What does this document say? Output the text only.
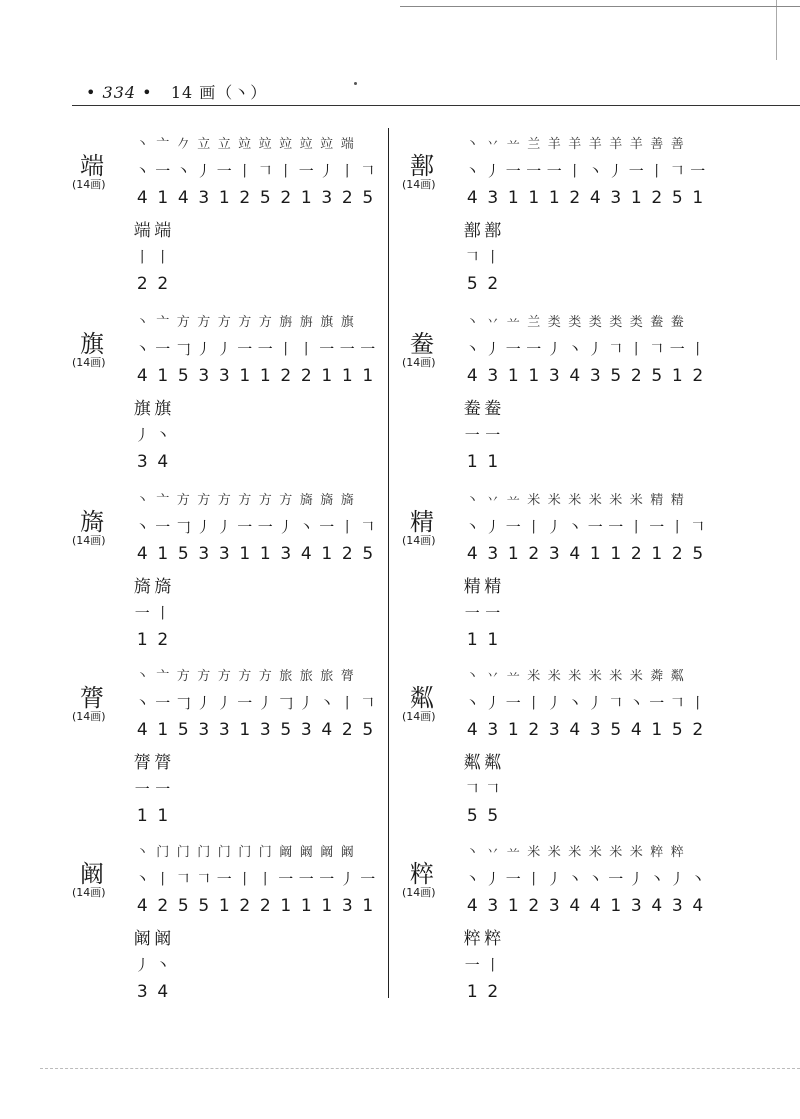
• 334 • 14 画（丶）
端
(14画)
丶 亠 𠂊 立 立 竝 竝 竝 竝 竝 端
丶 一 丶 丿 一 丨 𠃍 丨 一 丿 丨 𠃍
4 1 4 3 1 2 5 2 1 3 2 5
端 端
丨 丨
2 2
旗
(14画)
丶 亠 方 方 方 方 方 旃 旃 旗 旗
丶 一 𠃌 丿 丿 一 一 丨 丨 一 一 一
4 1 5 3 3 1 1 2 2 1 1 1
旗 旗
丿 丶
3 4
旖
(14画)
丶 亠 方 方 方 方 方 方 旖 旖 旖
丶 一 𠃌 丿 丿 一 一 丿 丶 一 丨 𠃍
4 1 5 3 3 1 1 3 4 1 2 5
旖 旖
一 丨
1 2
膂
(14画)
丶 亠 方 方 方 方 方 旅 旅 旅 膂
丶 一 𠃌 丿 丿 一 丿 𠃌 丿 丶 丨 𠃍
4 1 5 3 3 1 3 5 3 4 2 5
膂 膂
一 一
1 1
阚
(14画)
丶 门 门 门 门 门 门 阚 阚 阚 阚
丶 丨 𠃍 𠃍 一 丨 丨 一 一 一 丿 一
4 2 5 5 1 2 2 1 1 1 3 1
阚 阚
丿 丶
3 4
鄯
(14画)
丶 丷 䒑 兰 羊 羊 羊 羊 羊 善 善
丶 丿 一 一 一 丨 丶 丿 一 丨 𠃍 一
4 3 1 1 1 2 4 3 1 2 5 1
鄯 鄯
𠃍 丨
5 2
鲞
(14画)
丶 丷 䒑 兰 类 类 类 类 类 鲞 鲞
丶 丿 一 一 丿 丶 丿 𠃍 丨 𠃍 一 丨
4 3 1 1 3 4 3 5 2 5 1 2
鲞 鲞
一 一
1 1
精
(14画)
丶 丷 䒑 米 米 米 米 米 米 精 精
丶 丿 一 丨 丿 丶 一 一 丨 一 丨 𠃍
4 3 1 2 3 4 1 1 2 1 2 5
精 精
一 一
1 1
粼
(14画)
丶 丷 䒑 米 米 米 米 米 米 粦 粼
丶 丿 一 丨 丿 丶 丿 𠃍 丶 一 𠃍 丨
4 3 1 2 3 4 3 5 4 1 5 2
粼 粼
𠃍 𠃍
5 5
粹
(14画)
丶 丷 䒑 米 米 米 米 米 米 粹 粹
丶 丿 一 丨 丿 丶 丶 一 丿 丶 丿 丶
4 3 1 2 3 4 4 1 3 4 3 4
粹 粹
一 丨
1 2
